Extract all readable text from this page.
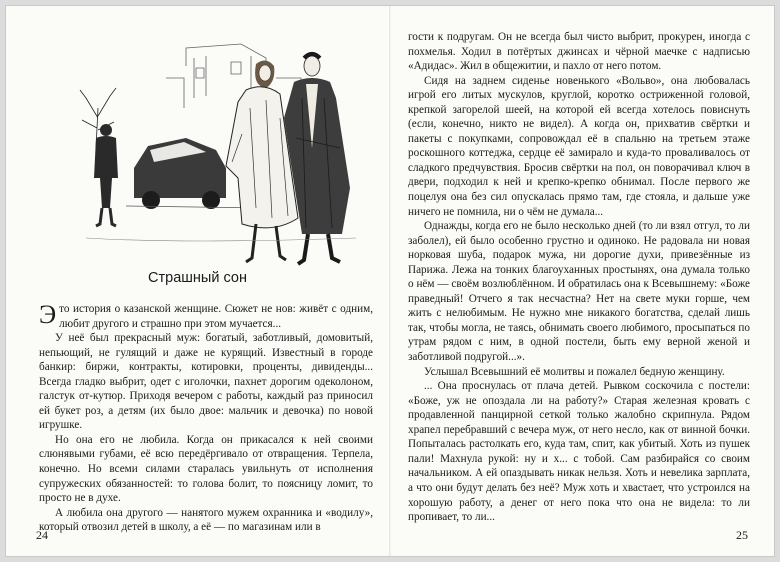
Страшный сон

Это история о казанской женщине. Сюжет не нов: живёт с одним, любит другого и страшно при этом мучается...

У неё был прекрасный муж: богатый, заботливый, домовитый, непьющий, не гулящий и даже не курящий. Известный в городе банкир: биржи, контракты, котировки, проценты, дивиденды... Всегда гладко выбрит, одет с иголочки, пахнет дорогим одеколоном, галстук от-кутюр. Приходя вечером с работы, каждый раз приносил ей букет роз, а детям (их было двое: мальчик и девочка) по новой игрушке.

Но она его не любила. Когда он прикасался к ней своими слюнявыми губами, её всю передёргивало от отвращения. Терпела, конечно. Но всеми силами старалась увильнуть от исполнения супружеских обязанностей: то голова болит, то поясницу ломит, то просто не в духе.

А любила она другого — нанятого мужем охранника и «водилу», который отвозил детей в школу, а её — по магазинам или в

24

гости к подругам. Он не всегда был чисто выбрит, прокурен, иногда с похмелья. Ходил в потёртых джинсах и чёрной маечке с надписью «Адидас». Жил в общежитии, и пахло от него потом.

Сидя на заднем сиденье новенького «Вольво», она любовалась игрой его литых мускулов, круглой, коротко остриженной головой, крепкой загорелой шеей, на которой ей всегда хотелось повиснуть (если, конечно, никто не видел). А когда он, прихватив свёртки и пакеты с покупками, сопровождал её в спальню на третьем этаже роскошного коттеджа, сердце её замирало и куда-то проваливалось от сладкого предчувствия. Бросив свёртки на пол, он поворачивал ключ в двери, подходил к ней и крепко-крепко обнимал. После первого же поцелуя она без сил опускалась прямо там, где стояла, и дальше уже ничего не помнила, ни о чём не думала...

Однажды, когда его не было несколько дней (то ли взял отгул, то ли заболел), ей было особенно грустно и одиноко. Не радовала ни новая норковая шуба, подарок мужа, ни дорогие духи, привезённые из Парижа. Лежа на тонких благоуханных простынях, она думала только о нём — своём возлюблённом. И обратилась она к Всевышнему: «Боже праведный! Отчего я так несчастна? Нет на свете муки горше, чем жить с нелюбимым. Не нужно мне никакого богатства, сделай лишь так, чтобы могла, не таясь, обнимать своего любимого, просыпаться по утрам рядом с ним, в одной постели, быть ему верной женой и заботливой подругой...».

Услышал Всевышний её молитвы и пожалел бедную женщину.

... Она проснулась от плача детей. Рывком соскочила с постели: «Боже, уж не опоздала ли на работу?» Старая железная кровать с продавленной панцирной сеткой только жалобно скрипнула. Рядом храпел перебравший с вечера муж, от него несло, как от винной бочки. Попыталась растолкать его, куда там, спит, как убитый. Хоть из пушек пали! Махнула рукой: ну и х... с тобой. Сам разбирайся со своим начальником. А ей опаздывать никак нельзя. Хоть и невелика зарплата, а что они будут делать без неё? Муж хоть и хвастает, что устроился на хорошую работу, а денег от него пока что она не видела: то ли пропивает, то ли...

25
